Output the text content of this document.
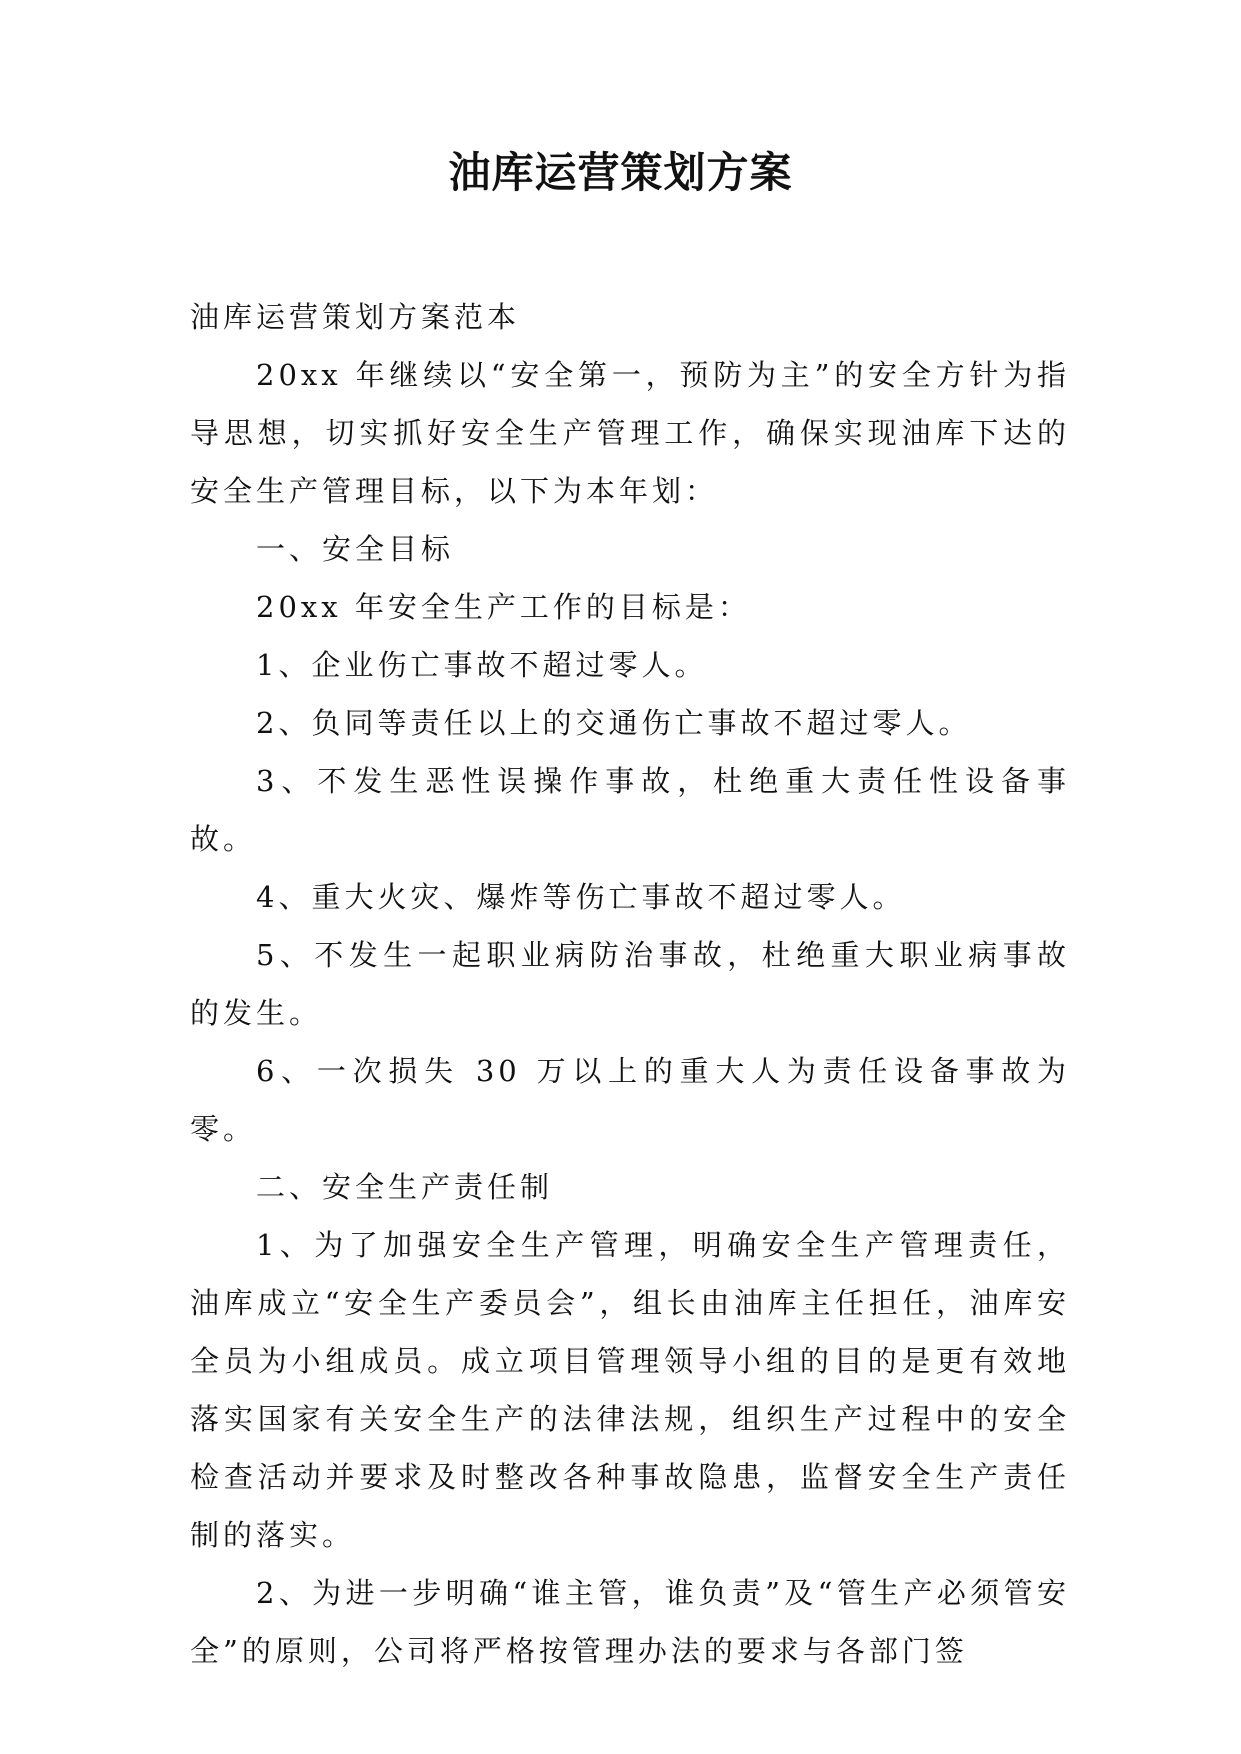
油库运营策划方案

油库运营策划方案范本

20xx 年继续以“安全第一，预防为主”的安全方针为指导思想，切实抓好安全生产管理工作，确保实现油库下达的安全生产管理目标，以下为本年划：

一、安全目标

20xx 年安全生产工作的目标是：

1、企业伤亡事故不超过零人。

2、负同等责任以上的交通伤亡事故不超过零人。

3、不发生恶性误操作事故，杜绝重大责任性设备事故。

4、重大火灾、爆炸等伤亡事故不超过零人。

5、不发生一起职业病防治事故，杜绝重大职业病事故的发生。

6、一次损失 30 万以上的重大人为责任设备事故为零。

二、安全生产责任制

1、为了加强安全生产管理，明确安全生产管理责任，油库成立“安全生产委员会”，组长由油库主任担任，油库安全员为小组成员。成立项目管理领导小组的目的是更有效地落实国家有关安全生产的法律法规，组织生产过程中的安全检查活动并要求及时整改各种事故隐患，监督安全生产责任制的落实。

2、为进一步明确“谁主管，谁负责”及“管生产必须管安全”的原则，公司将严格按管理办法的要求与各部门签
